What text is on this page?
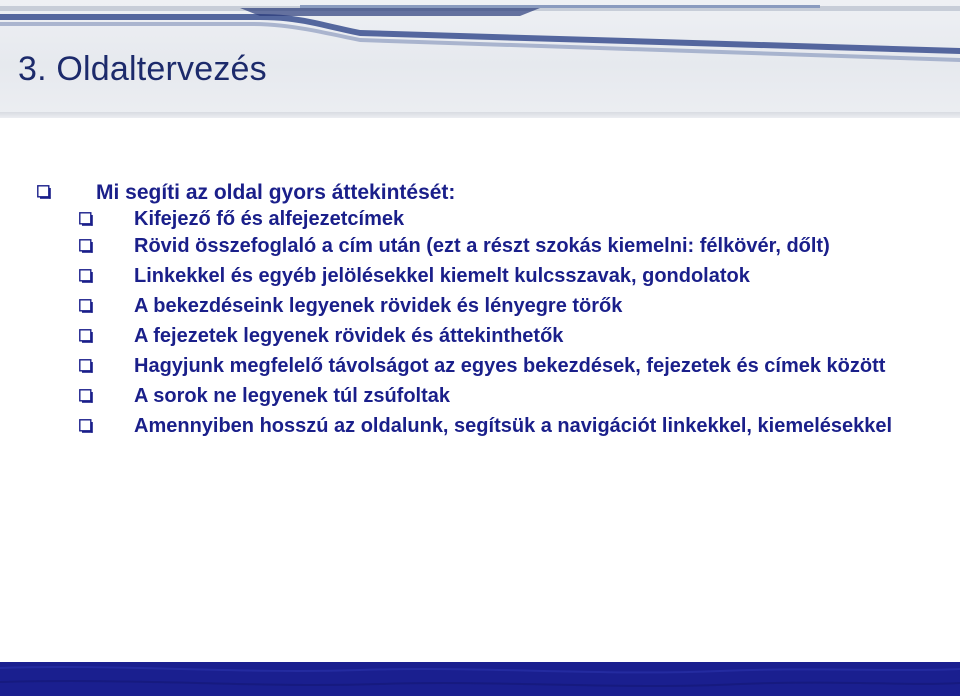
3. Oldaltervezés
Mi segíti az oldal gyors áttekintését:
Kifejező fő és alfejezetcímek
Rövid összefoglaló a cím után (ezt a részt szokás kiemelni: félkövér, dőlt)
Linkekkel és egyéb jelölésekkel kiemelt kulcsszavak, gondolatok
A bekezdéseink legyenek rövidek és lényegre törők
A fejezetek legyenek rövidek és áttekinthetők
Hagyjunk megfelelő távolságot az egyes bekezdések, fejezetek és címek között
A sorok ne legyenek túl zsúfoltak
Amennyiben hosszú az oldalunk, segítsük a navigációt linkekkel, kiemelésekkel
